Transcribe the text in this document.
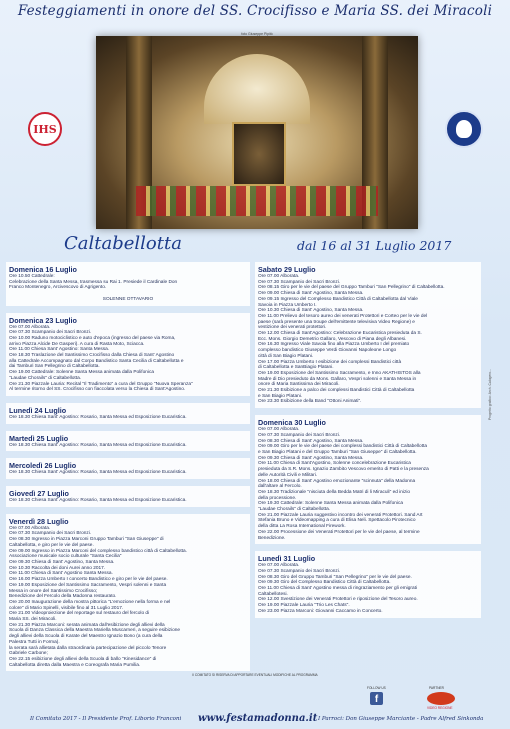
Festeggiamenti in onore del SS. Crocifisso e Maria SS. dei Miracoli
IHS
foto Giuseppe Pipitò
Caltabellotta	dal 16 al 31 Luglio 2017
Domenica 16 Luglio

Ore 10.50 Cattedrale:

Celebrazione della Santa Messa, trasmessa su Rai 1. Presiede il Cardinale Don

Franco Montenegro, Arcivescovo di Agrigento.

SOLENNE OTTAVARIO

Domenica 23 Luglio

Ore 07.00 Alborata.

Ore 07.30 Scampanio dei Sacri Bronzi.

Ore 10.00 Raduno motociclistico e auto d'epoca (ingresso del paese via Roma,

arrivo Piazza Alcide De Gasperi). A cura di Rasta Moto, Sciacca.

Ore 11.00 Chiesa Sant' Agostino: Santa Messa.

Ore 18.30 Traslazione del Santissimo Crocifisso dalla Chiesa di Sant' Agostino

alla Cattedrale Accompagnato dal Corpo Bandistico Santa Cecilia di Caltabellotta e

dai Tamburi San Pellegrino di Caltabellotta.

Ore 19.00 Cattedrale: Solenne Santa Messa animata dalla Polifonica

"Laudae Chorails" di Caltabellotta.

Ore 21.30 Piazzale Lauria: Recital "Il Tradimento" a cura del Gruppo "Nuova Speranza"

Al termine ritorno del SS. Crocifisso con fiaccolata verso la Chiesa di Sant'Agostino.

Lunedì 24 Luglio

Ore 18.30 Chiesa Sant' Agostino: Rosario, Santa Messa ed Esposizione Eucaristica.

Martedì 25 Luglio

Ore 18.30 Chiesa Sant' Agostino: Rosario, Santa Messa ed Esposizione Eucaristica.

Mercoledì 26 Luglio

Ore 18.30 Chiesa Sant' Agostino: Rosario, Santa Messa ed Esposizione Eucaristica.

Giovedì 27 Luglio

Ore 18.30 Chiesa Sant' Agostino: Rosario, Santa Messa ed Esposizione Eucaristica.

Venerdì 28 Luglio

Ore 07.00 Alborata.

Ore 07.30 Scampanio dei Sacri Bronzi.

Ore 08.30 Ingresso in Piazza Marconi Gruppo Tamburi "San Giuseppe" di

Caltabellotta, e giro per le vie del paese.

Ore 09.00 Ingresso in Piazza Marconi del complesso bandistico città di Caltabellotta.

Associazione musicale socio culturale "Santa Cecilia"

Ore 09.30 Chiesa di Sant' Agostino, Santa Messa.

Ore 10.30 Raccolta dei doni Aurei anno 2017.

Ore 11.00 Chiesa di Sant' Agostino Santa Messa.

Ore 16.00 Piazza Umberto I concerto Bandistico e giro per le vie del paese.

Ore 19.00 Esposizione del Santissimo Sacramento, Vespri solenni e Santa

Messa in onore del Santissimo Crocifisso;

Benedizione del Fercolo della Madonna restaurato.

Ore 20.00 Inaugurazione della mostra pittorica "L'emozione nella forma e nel

colore" di Mario Spinelli, visibile fino al 31 Luglio 2017.

Ore 21.00 Videoproiezione del reportage sul restauro del fercolo di

Maria SS. dei Miracoli.

Ore 21.30 Piazza Marconi: serata animata dall'esibizione degli allievi della

Scuola di Danza Classica della Maestra Mariella Muscarneri, a seguire esibizione

degli allievi della Scuola di Karate del Maestro Ignazio Bono (a cura della

Palestra Tutti in Forma).

la serata sarà allietata dalla straordinaria partecipazione del piccolo Tenore

Gabriele Carbone;

Ore 22.15 esibizione degli allievi della Scuola di ballo "Kinesidance" di

Caltabellotta diretta dalla Maestra e Coreografa Maria Pumilia.

Sabato 29 Luglio

Ore 07.00 Alborata.

Ore 07.30 Scampanio dei Sacri Bronzi.

Ore 08.15 Giro per le vie del paese del Gruppo Tamburi "San Pellegrino" di Caltabellotta.

Ore 09.00 Chiesa di Sant' Agostino, Santa Messa.

Ore 09.15 Ingresso del Complesso Bandistico Città di Caltabellotta dal Viale

Savoia in Piazza Umberto I.

Ore 10.30 Chiesa di Sant' Agostino, Santa Messa.

Ore 11.00 Prelievo del tesoro aureo dei venerati Protettori e Corteo per le vie del

paese (sarà presente una troupe dell'emittente televisiva Video Regione) e

vestizione dei venerati protettori.

Ore 12.00 Chiesa di Sant'Agostino: Celebrazione Eucaristica presieduta da S.

Ecc. Mons. Giorgio Demetrio Gallaro, Vescovo di Piana degli Albanesi.

Ore 16.30 Ingresso Viale Savoia fino alla Piazza Umberto I del premiato

complesso bandistico Giuseppe Verdi Giovanni Napoleone Longo

città di San Biagio Platani.

Ore 17.00 Piazza Umberto I esibizione dei complessi Bandistici città

di Caltabellotta e SanBiagio Platani.

Ore 19.00 Esposizione del Santissimo Sacramento, e Inno AKATHISTOS alla

Madre di Dio presieduto da Mons. Gallaro, Vespri solenni e Santa Messa in

onore di Maria Santissima dei Miracoli.

Ore 21.30 Esibizione a palco dei complessi Bandistici Città di Caltabellotta

e San Biagio Platani.

Ore 23.30 Esibizione della Band "Ottoni Animati".

Domenica 30 Luglio

Ore 07.00 Alborata.

Ore 07.30 Scampanio dei Sacri Bronzi.

Ore 08.30 Chiesa di Sant' Agostino, Santa Messa.

Ore 09.00 Giro per le vie del paese dei complessi bandistici Città di Caltabellotta

e San Biagio Platani e del Gruppo Tamburi "San Giuseppe" di Caltabellotta.

Ore 09.30 Chiesa di Sant' Agostino, Santa Messa.

Ore 11.00 Chiesa di Sant'Agostino, Solenne concelebrazione Eucaristica

presieduta da S.R. Mons. Ignazio Zambito Vescovo emerito di Patti e la presenza

delle Autorità Civili e Militari.

Ore 18.00 Chiesa di Sant' Agostino emozionante "scinnuta" della Madonna

dall'altare al Fercolo.

Ore 18.30 Tradizionale "nisciuta della Bedda Matri di li Miraculi" ed inizio

della processione.

Ore 19.30 Cattedrale: Solenne Santa Messa animata dalla Polifonica

"Laudae Chorails" di Caltabellotta.

Ore 21.00 Piazzale Lauria suggestivo incontro dei venerati Protettori. Sand Art

Stefania Bruno e Videomapping a cura di Elisa Neli. Spettacolo Pirotecnico

della ditta La Rosa International Firework.

Ore 22.00 Processione dei Venerati Protettori per le vie del paese, al termine

Benedizione.

Lunedì 31 Luglio

Ore 07.00 Alborata.

Ore 07.30 Scampanio dei Sacri Bronzi.

Ore 08.30 Giro del Gruppo Tamburi "San Pellegrino" per le vie del paese.

Ore 09.30 Giro del Complesso Bandistico Città di Caltabellotta.

Ore 11.00 Chiesa di Sant' Agostino messa di ringraziamento per gli emigrati

Caltabellotesi.

Ore 12.00 Svestizione dei Venerati Protettori e riposizione del Tesoro aureo.

Ore 19.00 Piazzale Lauria "Trio Les Chats".

Ore 23.00 Piazza Marconi: Giovanni Caccamo in Concerto.

Progetto grafico: Arch. Calogero...
Il COMITATO SI RISERVA DI APPORTARE EVENTUALI MODIFICHE AL PROGRAMMA
FOLLOW US
f
PARTNER
VIDEO REGIONE
Il Comitato 2017 - Il Presidente Prof. Liborio Franconi www.festamadonna.it I Parroci: Don Giuseppe Marciante - Padre Alfred Sinkonda
